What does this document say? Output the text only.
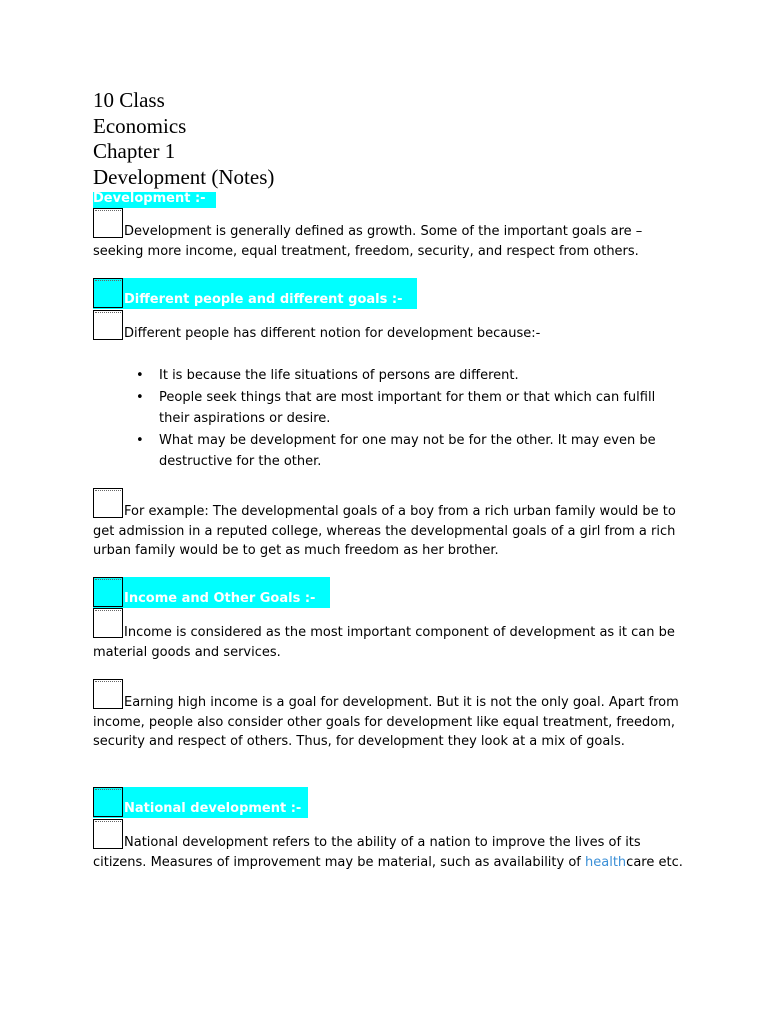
10 Class
Economics
Chapter 1
Development (Notes)
Development :-
Development is generally defined as growth. Some of the important goals are – seeking more income, equal treatment, freedom, security, and respect from others.
Different people and different goals :-
Different people has different notion for development because:-
• It is because the life situations of persons are different.
• People seek things that are most important for them or that which can fulfill their aspirations or desire.
• What may be development for one may not be for the other. It may even be destructive for the other.
For example: The developmental goals of a boy from a rich urban family would be to get admission in a reputed college, whereas the developmental goals of a girl from a rich urban family would be to get as much freedom as her brother.
Income and Other Goals :-
Income is considered as the most important component of development as it can be material goods and services.
Earning high income is a goal for development. But it is not the only goal. Apart from income, people also consider other goals for development like equal treatment, freedom, security and respect of others. Thus, for development they look at a mix of goals.
National development :-
National development refers to the ability of a nation to improve the lives of its citizens. Measures of improvement may be material, such as availability of healthcare etc.
